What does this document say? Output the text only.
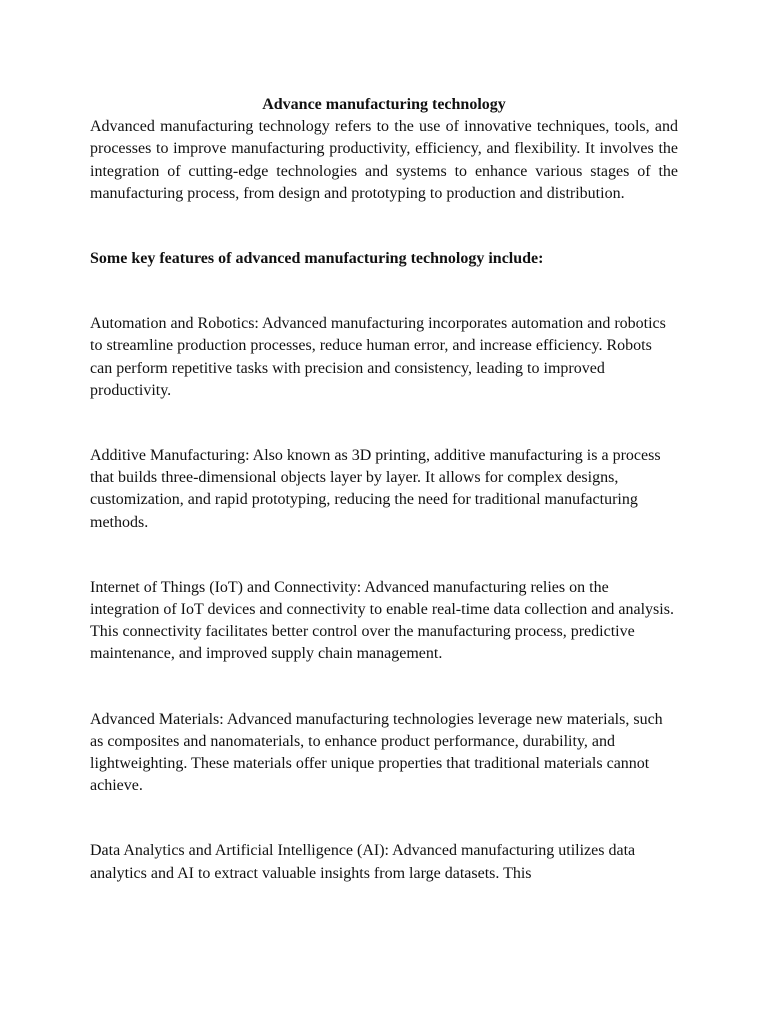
Advance manufacturing technology

Advanced manufacturing technology refers to the use of innovative techniques, tools, and processes to improve manufacturing productivity, efficiency, and flexibility. It involves the integration of cutting-edge technologies and systems to enhance various stages of the manufacturing process, from design and prototyping to production and distribution.

Some key features of advanced manufacturing technology include:

Automation and Robotics: Advanced manufacturing incorporates automation and robotics to streamline production processes, reduce human error, and increase efficiency. Robots can perform repetitive tasks with precision and consistency, leading to improved productivity.

Additive Manufacturing: Also known as 3D printing, additive manufacturing is a process that builds three-dimensional objects layer by layer. It allows for complex designs, customization, and rapid prototyping, reducing the need for traditional manufacturing methods.

Internet of Things (IoT) and Connectivity: Advanced manufacturing relies on the integration of IoT devices and connectivity to enable real-time data collection and analysis. This connectivity facilitates better control over the manufacturing process, predictive maintenance, and improved supply chain management.

Advanced Materials: Advanced manufacturing technologies leverage new materials, such as composites and nanomaterials, to enhance product performance, durability, and lightweighting. These materials offer unique properties that traditional materials cannot achieve.

Data Analytics and Artificial Intelligence (AI): Advanced manufacturing utilizes data analytics and AI to extract valuable insights from large datasets. This
